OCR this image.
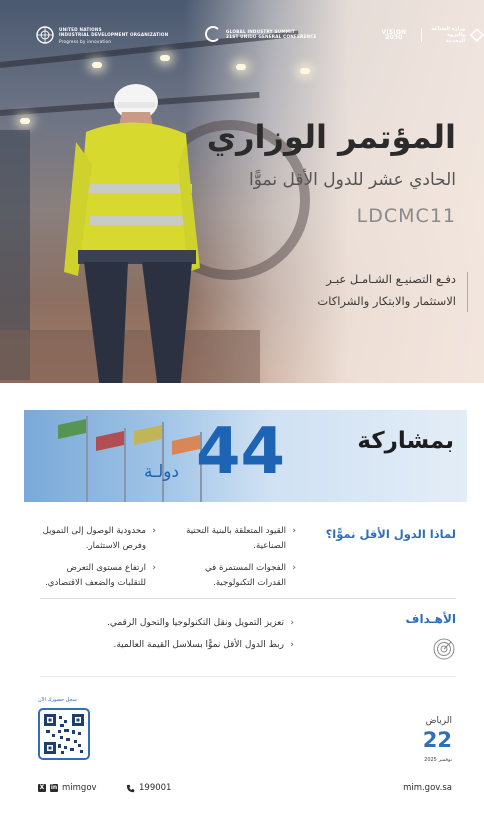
UNITED NATIONS
INDUSTRIAL DEVELOPMENT ORGANIZATION
Progress by innovation
GLOBAL INDUSTRY SUMMIT
21ST UNIDO GENERAL CONFERENCE
VISION 2030
وزارة الصناعة
والثروة المعدنية
المؤتمر الوزاري
الحادي عشر للدول الأقل نموًّا
LDCMC11
دفـع التصنيـع الشـامـل عبـر
الاستثمار والابتكار والشراكات
44
دولـة
بمشاركة
لماذا الدول الأقل نموًّا؟
‹ القيود المتعلقة بالبنية التحتية الصناعية.
‹ الفجوات المستمرة في القدرات التكنولوجية.
‹ محدودية الوصول إلى التمويل وفرص الاستثمار.
‹ ارتفاع مستوى التعرض للتقلبات والضعف الاقتصادي.
الأهـداف
‹ تعزيز التمويل ونقل التكنولوجيا والتحول الرقمي.
‹ ربط الدول الأقل نموًّا بسلاسل القيمة العالمية.
سجل حضورك الآن
الرياض
22
نوفمبر 2025
X in mimgov	199001	mim.gov.sa
